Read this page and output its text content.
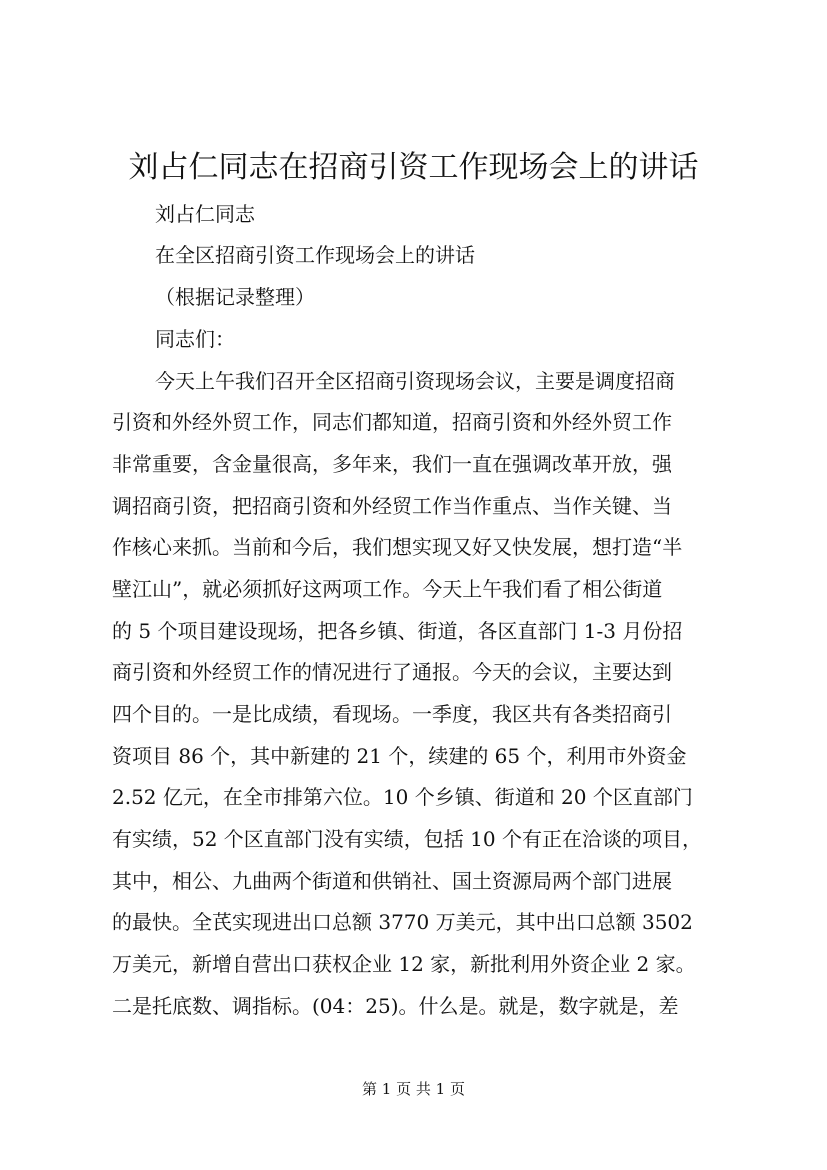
刘占仁同志在招商引资工作现场会上的讲话
刘占仁同志
在全区招商引资工作现场会上的讲话
（根据记录整理）
同志们：
今天上午我们召开全区招商引资现场会议，主要是调度招商
引资和外经外贸工作，同志们都知道，招商引资和外经外贸工作
非常重要，含金量很高，多年来，我们一直在强调改革开放，强
调招商引资，把招商引资和外经贸工作当作重点、当作关键、当
作核心来抓。当前和今后，我们想实现又好又快发展，想打造“半
壁江山”，就必须抓好这两项工作。今天上午我们看了相公街道
的 5 个项目建设现场，把各乡镇、街道，各区直部门 1-3 月份招
商引资和外经贸工作的情况进行了通报。今天的会议，主要达到
四个目的。一是比成绩，看现场。一季度，我区共有各类招商引
资项目 86 个，其中新建的 21 个，续建的 65 个，利用市外资金
2.52 亿元，在全市排第六位。10 个乡镇、街道和 20 个区直部门
有实绩，52 个区直部门没有实绩，包括 10 个有正在洽谈的项目，
其中，相公、九曲两个街道和供销社、国土资源局两个部门进展
的最快。全芪实现进出口总额 3770 万美元，其中出口总额 3502
万美元，新增自营出口获权企业 12 家，新批利用外资企业 2 家。
二是托底数、调指标。(04：25)。什么是。就是，数字就是，差
第 1 页 共 1 页
